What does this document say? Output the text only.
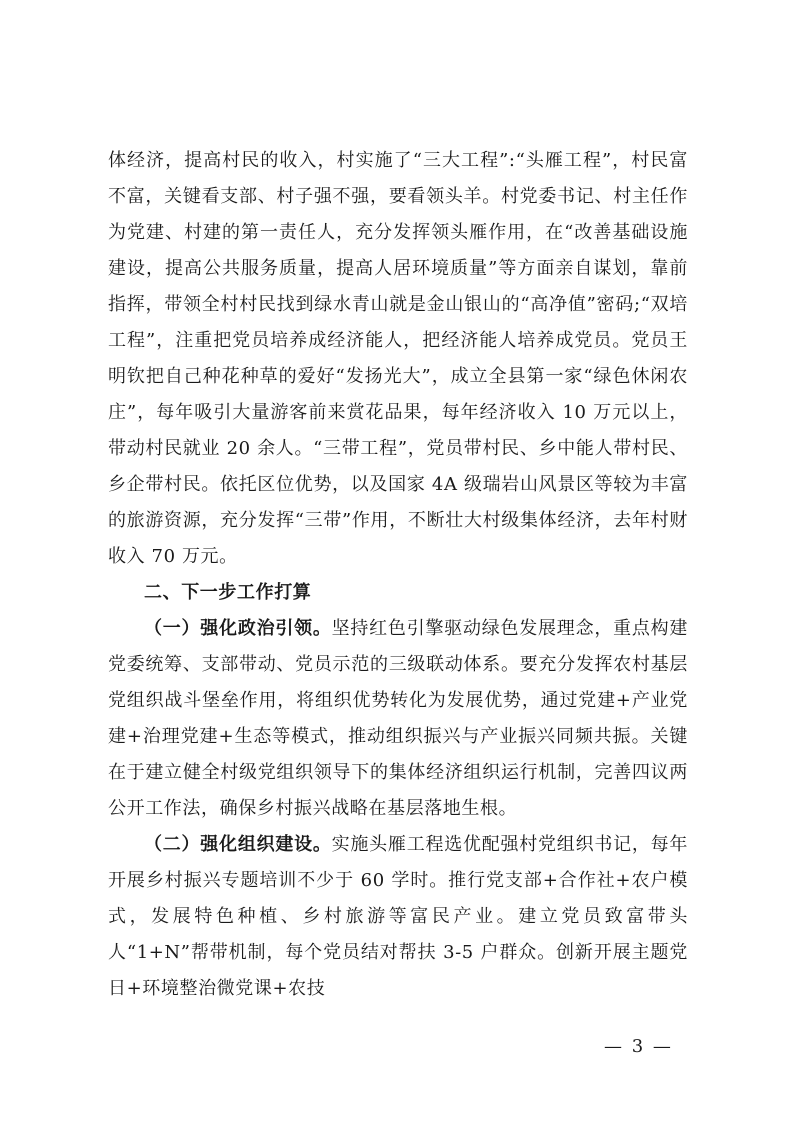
体经济，提高村民的收入，村实施了“三大工程”:“头雁工程”，村民富不富，关键看支部、村子强不强，要看领头羊。村党委书记、村主任作为党建、村建的第一责任人，充分发挥领头雁作用，在“改善基础设施建设，提高公共服务质量，提高人居环境质量”等方面亲自谋划，靠前指挥，带领全村村民找到绿水青山就是金山银山的“高净值”密码;“双培工程”，注重把党员培养成经济能人，把经济能人培养成党员。党员王明钦把自己种花种草的爱好“发扬光大”，成立全县第一家“绿色休闲农庄”，每年吸引大量游客前来赏花品果，每年经济收入 10 万元以上，带动村民就业 20 余人。“三带工程”，党员带村民、乡中能人带村民、乡企带村民。依托区位优势，以及国家 4A 级瑞岩山风景区等较为丰富的旅游资源，充分发挥“三带”作用，不断壮大村级集体经济，去年村财收入 70 万元。

二、下一步工作打算

（一）强化政治引领。坚持红色引擎驱动绿色发展理念，重点构建党委统筹、支部带动、党员示范的三级联动体系。要充分发挥农村基层党组织战斗堡垒作用，将组织优势转化为发展优势，通过党建+产业党建+治理党建+生态等模式，推动组织振兴与产业振兴同频共振。关键在于建立健全村级党组织领导下的集体经济组织运行机制，完善四议两公开工作法，确保乡村振兴战略在基层落地生根。

（二）强化组织建设。实施头雁工程选优配强村党组织书记，每年开展乡村振兴专题培训不少于 60 学时。推行党支部+合作社+农户模式，发展特色种植、乡村旅游等富民产业。建立党员致富带头人“1+N”帮带机制，每个党员结对帮扶 3-5 户群众。创新开展主题党日+环境整治微党课+农技

— 3 —
